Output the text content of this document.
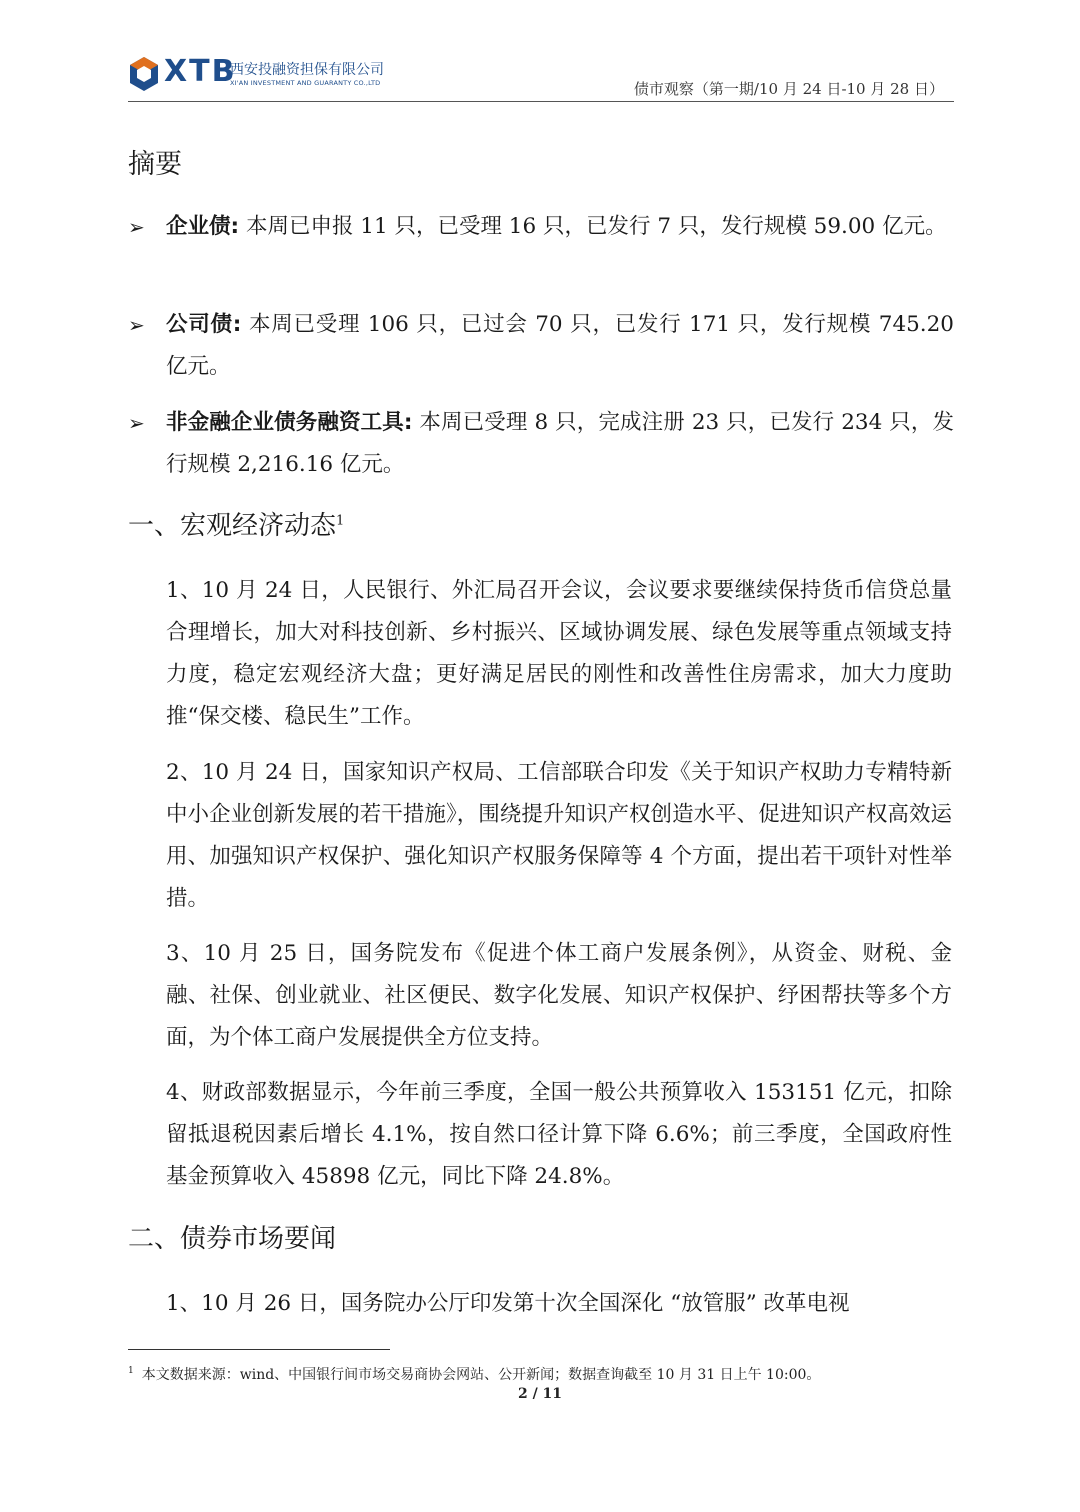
XTB
西安投融资担保有限公司
XI'AN INVESTMENT AND GUARANTY CO.,LTD	债市观察（第一期/10 月 24 日-10 月 28 日）
摘要
➢ 企业债: 本周已申报 11 只，已受理 16 只，已发行 7 只，发行规模 59.00 亿元。
➢ 公司债: 本周已受理 106 只，已过会 70 只，已发行 171 只，发行规模 745.20 亿元。
➢ 非金融企业债务融资工具: 本周已受理 8 只，完成注册 23 只，已发行 234 只，发行规模 2,216.16 亿元。
一、宏观经济动态$^1$
1、10 月 24 日，人民银行、外汇局召开会议，会议要求要继续保持货币信贷总量合理增长，加大对科技创新、乡村振兴、区域协调发展、绿色发展等重点领域支持力度，稳定宏观经济大盘；更好满足居民的刚性和改善性住房需求，加大力度助推“保交楼、稳民生”工作。
2、10 月 24 日，国家知识产权局、工信部联合印发《关于知识产权助力专精特新中小企业创新发展的若干措施》，围绕提升知识产权创造水平、促进知识产权高效运用、加强知识产权保护、强化知识产权服务保障等 4 个方面，提出若干项针对性举措。
3、10 月 25 日，国务院发布《促进个体工商户发展条例》，从资金、财税、金融、社保、创业就业、社区便民、数字化发展、知识产权保护、纾困帮扶等多个方面，为个体工商户发展提供全方位支持。
4、财政部数据显示，今年前三季度，全国一般公共预算收入 153151 亿元，扣除留抵退税因素后增长 4.1%，按自然口径计算下降 6.6%；前三季度，全国政府性基金预算收入 45898 亿元，同比下降 24.8%。
二、债券市场要闻
1、10 月 26 日，国务院办公厅印发第十次全国深化 “放管服” 改革电视
$^1$ 本文数据来源：wind、中国银行间市场交易商协会网站、公开新闻；数据查询截至 10 月 31 日上午 10:00。
2 / 11
